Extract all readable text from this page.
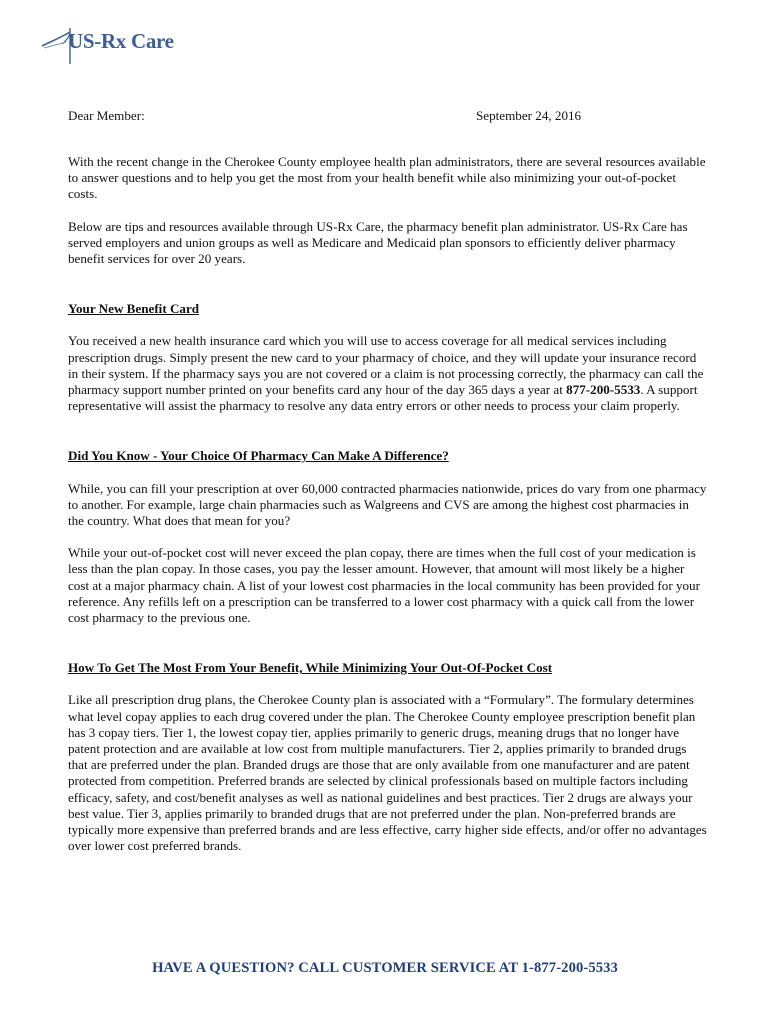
US-Rx Care
Dear Member:	September 24, 2016

With the recent change in the Cherokee County employee health plan administrators, there are several resources available to answer questions and to help you get the most from your health benefit while also minimizing your out-of-pocket costs.

Below are tips and resources available through US-Rx Care, the pharmacy benefit plan administrator. US-Rx Care has served employers and union groups as well as Medicare and Medicaid plan sponsors to efficiently deliver pharmacy benefit services for over 20 years.

Your New Benefit Card

You received a new health insurance card which you will use to access coverage for all medical services including prescription drugs. Simply present the new card to your pharmacy of choice, and they will update your insurance record in their system. If the pharmacy says you are not covered or a claim is not processing correctly, the pharmacy can call the pharmacy support number printed on your benefits card any hour of the day 365 days a year at 877-200-5533. A support representative will assist the pharmacy to resolve any data entry errors or other needs to process your claim properly.

Did You Know - Your Choice Of Pharmacy Can Make A Difference?

While, you can fill your prescription at over 60,000 contracted pharmacies nationwide, prices do vary from one pharmacy to another. For example, large chain pharmacies such as Walgreens and CVS are among the highest cost pharmacies in the country. What does that mean for you?

While your out-of-pocket cost will never exceed the plan copay, there are times when the full cost of your medication is less than the plan copay. In those cases, you pay the lesser amount. However, that amount will most likely be a higher cost at a major pharmacy chain. A list of your lowest cost pharmacies in the local community has been provided for your reference. Any refills left on a prescription can be transferred to a lower cost pharmacy with a quick call from the lower cost pharmacy to the previous one.

How To Get The Most From Your Benefit, While Minimizing Your Out-Of-Pocket Cost

Like all prescription drug plans, the Cherokee County plan is associated with a “Formulary”. The formulary determines what level copay applies to each drug covered under the plan. The Cherokee County employee prescription benefit plan has 3 copay tiers. Tier 1, the lowest copay tier, applies primarily to generic drugs, meaning drugs that no longer have patent protection and are available at low cost from multiple manufacturers. Tier 2, applies primarily to branded drugs that are preferred under the plan. Branded drugs are those that are only available from one manufacturer and are patent protected from competition. Preferred brands are selected by clinical professionals based on multiple factors including efficacy, safety, and cost/benefit analyses as well as national guidelines and best practices. Tier 2 drugs are always your best value. Tier 3, applies primarily to branded drugs that are not preferred under the plan. Non-preferred brands are typically more expensive than preferred brands and are less effective, carry higher side effects, and/or offer no advantages over lower cost preferred brands.

HAVE A QUESTION? CALL CUSTOMER SERVICE AT 1-877-200-5533
